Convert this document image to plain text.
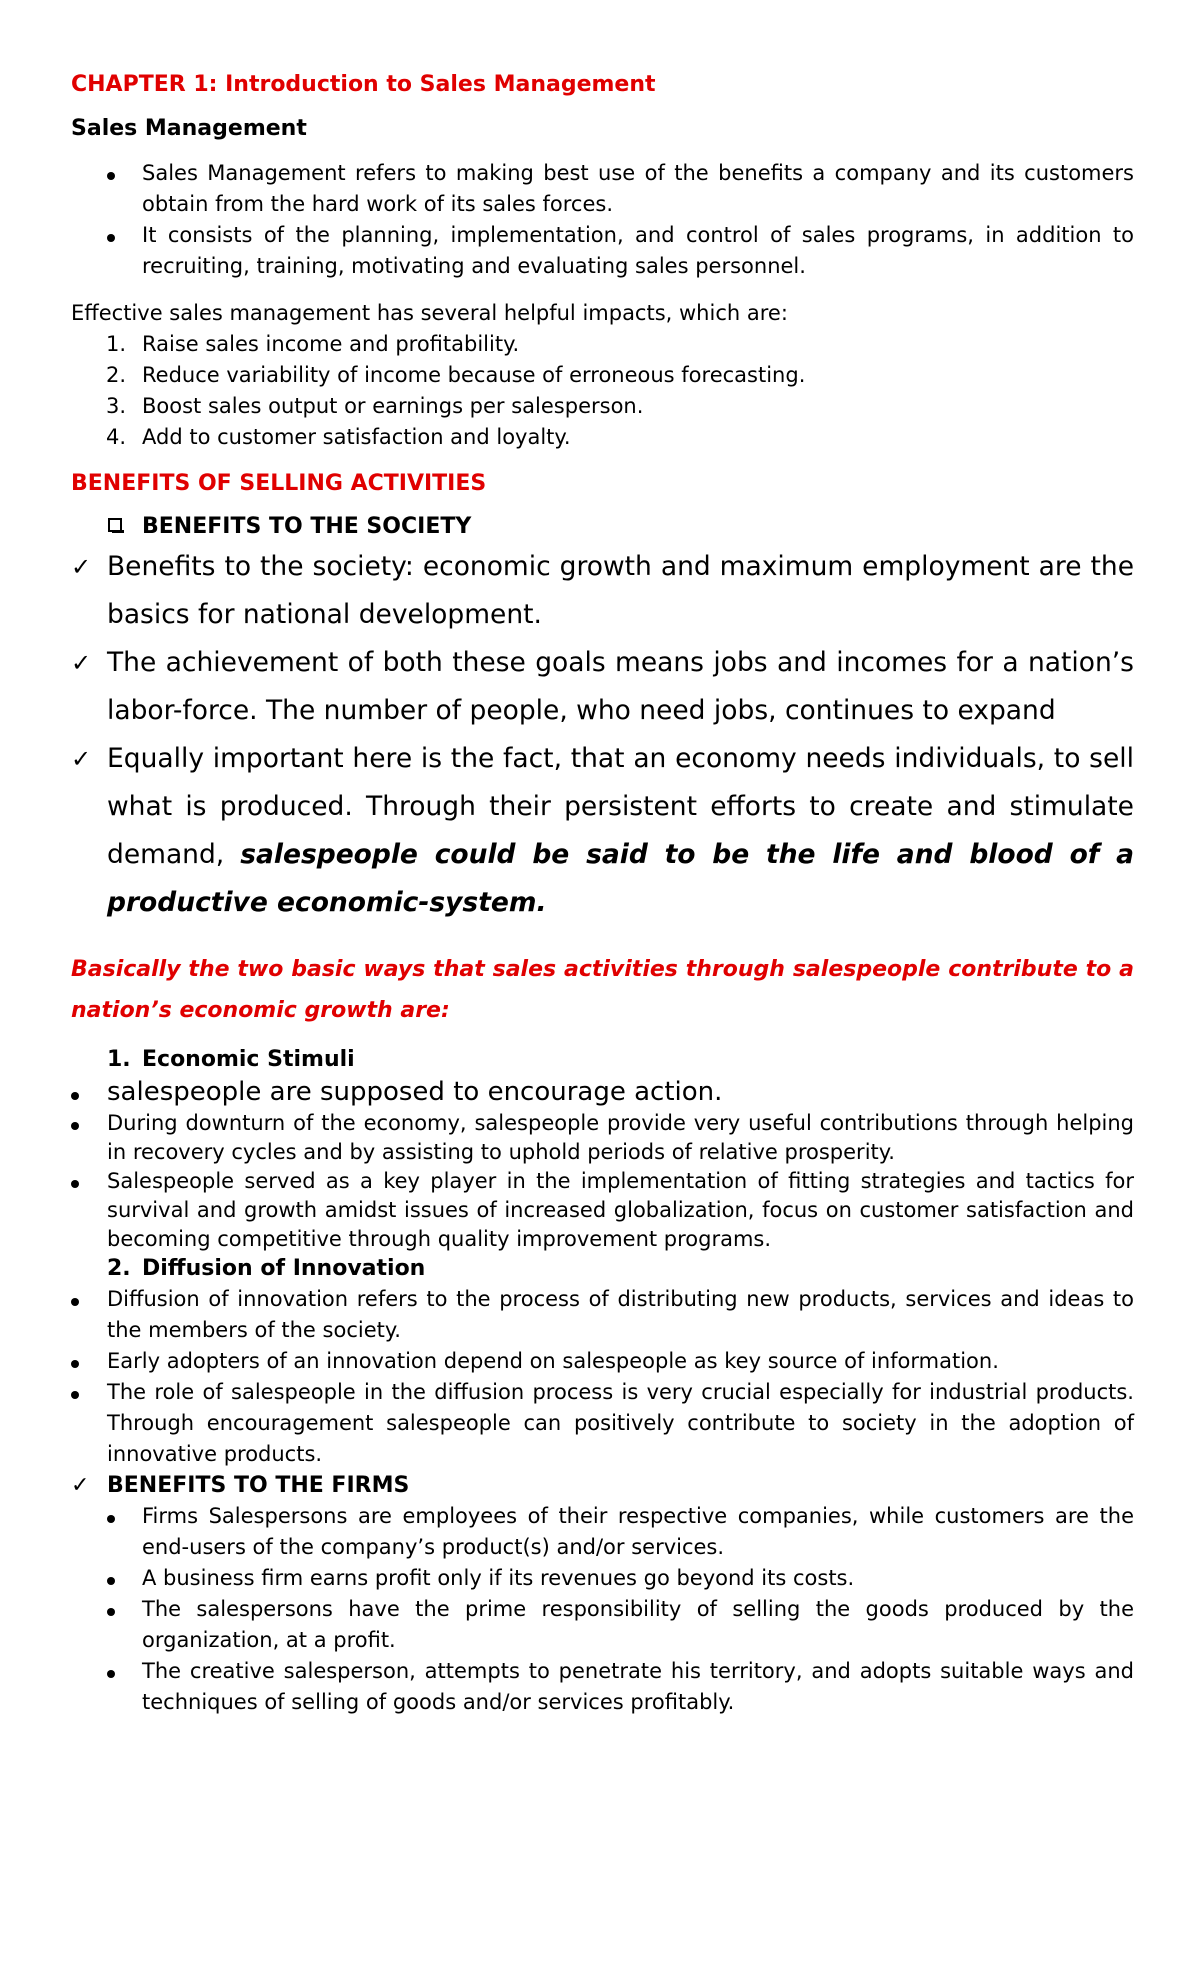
CHAPTER 1: Introduction to Sales Management

Sales Management

Sales Management refers to making best use of the benefits a company and its customers obtain from the hard work of its sales forces.
It consists of the planning, implementation, and control of sales programs, in addition to recruiting, training, motivating and evaluating sales personnel.

Effective sales management has several helpful impacts, which are:

1. Raise sales income and profitability.
2. Reduce variability of income because of erroneous forecasting.
3. Boost sales output or earnings per salesperson.
4. Add to customer satisfaction and loyalty.

BENEFITS OF SELLING ACTIVITIES

BENEFITS TO THE SOCIETY
✓ Benefits to the society: economic growth and maximum employment are the basics for national development.
✓ The achievement of both these goals means jobs and incomes for a nation’s labor-force. The number of people, who need jobs, continues to expand
✓ Equally important here is the fact, that an economy needs individuals, to sell what is produced. Through their persistent efforts to create and stimulate demand, salespeople could be said to be the life and blood of a productive economic-system.

Basically the two basic ways that sales activities through salespeople contribute to a nation’s economic growth are:

1. Economic Stimuli
salespeople are supposed to encourage action.
During downturn of the economy, salespeople provide very useful contributions through helping in recovery cycles and by assisting to uphold periods of relative prosperity.
Salespeople served as a key player in the implementation of fitting strategies and tactics for survival and growth amidst issues of increased globalization, focus on customer satisfaction and becoming competitive through quality improvement programs.
2. Diffusion of Innovation
Diffusion of innovation refers to the process of distributing new products, services and ideas to the members of the society.
Early adopters of an innovation depend on salespeople as key source of information.
The role of salespeople in the diffusion process is very crucial especially for industrial products. Through encouragement salespeople can positively contribute to society in the adoption of innovative products.
✓ BENEFITS TO THE FIRMS
Firms Salespersons are employees of their respective companies, while customers are the end-users of the company’s product(s) and/or services.
A business firm earns profit only if its revenues go beyond its costs.
The salespersons have the prime responsibility of selling the goods produced by the organization, at a profit.
The creative salesperson, attempts to penetrate his territory, and adopts suitable ways and techniques of selling of goods and/or services profitably.
